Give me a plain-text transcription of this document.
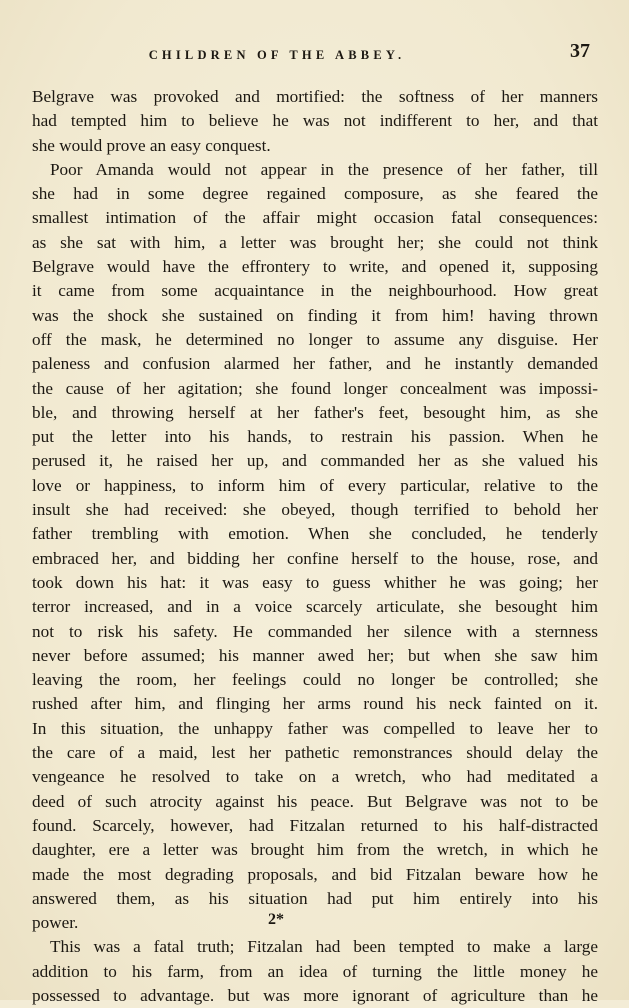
CHILDREN OF THE ABBEY.	37
Belgrave was provoked and mortified: the softness of her manners
had tempted him to believe he was not indifferent to her, and that
she would prove an easy conquest.
Poor Amanda would not appear in the presence of her father, till
she had in some degree regained composure, as she feared the
smallest intimation of the affair might occasion fatal consequences:
as she sat with him, a letter was brought her; she could not think
Belgrave would have the effrontery to write, and opened it, supposing
it came from some acquaintance in the neighbourhood. How great
was the shock she sustained on finding it from him! having thrown
off the mask, he determined no longer to assume any disguise. Her
paleness and confusion alarmed her father, and he instantly demanded
the cause of her agitation; she found longer concealment was impossi-
ble, and throwing herself at her father's feet, besought him, as she
put the letter into his hands, to restrain his passion. When he
perused it, he raised her up, and commanded her as she valued his
love or happiness, to inform him of every particular, relative to the
insult she had received: she obeyed, though terrified to behold her
father trembling with emotion. When she concluded, he tenderly
embraced her, and bidding her confine herself to the house, rose, and
took down his hat: it was easy to guess whither he was going; her
terror increased, and in a voice scarcely articulate, she besought him
not to risk his safety. He commanded her silence with a sternness
never before assumed; his manner awed her; but when she saw him
leaving the room, her feelings could no longer be controlled; she
rushed after him, and flinging her arms round his neck fainted on it.
In this situation, the unhappy father was compelled to leave her to
the care of a maid, lest her pathetic remonstrances should delay the
vengeance he resolved to take on a wretch, who had meditated a
deed of such atrocity against his peace. But Belgrave was not to be
found. Scarcely, however, had Fitzalan returned to his half-distracted
daughter, ere a letter was brought him from the wretch, in which he
made the most degrading proposals, and bid Fitzalan beware how he
answered them, as his situation had put him entirely into his
power.
This was a fatal truth; Fitzalan had been tempted to make a large
addition to his farm, from an idea of turning the little money he
possessed to advantage. but was more ignorant of agriculture than he
2*
